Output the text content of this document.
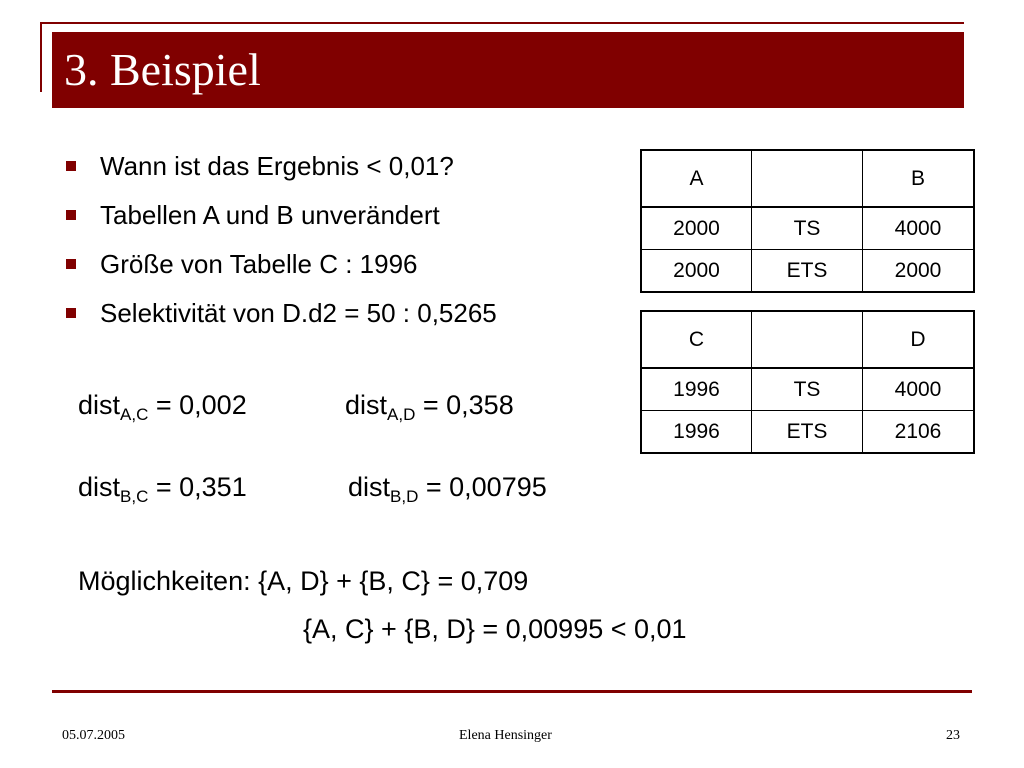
3. Beispiel
Wann ist das Ergebnis < 0,01?
Tabellen A und B unverändert
Größe von Tabelle C : 1996
Selektivität von D.d2 = 50 : 0,5265
dist$_{A,C}$ = 0,002	dist$_{A,D}$ = 0,358
dist$_{B,C}$ = 0,351	dist$_{B,D}$ = 0,00795
Möglichkeiten: {A, D} + {B, C} = 0,709
{A, C} + {B, D} = 0,00995 < 0,01
A		B
2000	TS	4000
2000	ETS	2000
C		D
1996	TS	4000
1996	ETS	2106
05.07.2005	Elena Hensinger	23
